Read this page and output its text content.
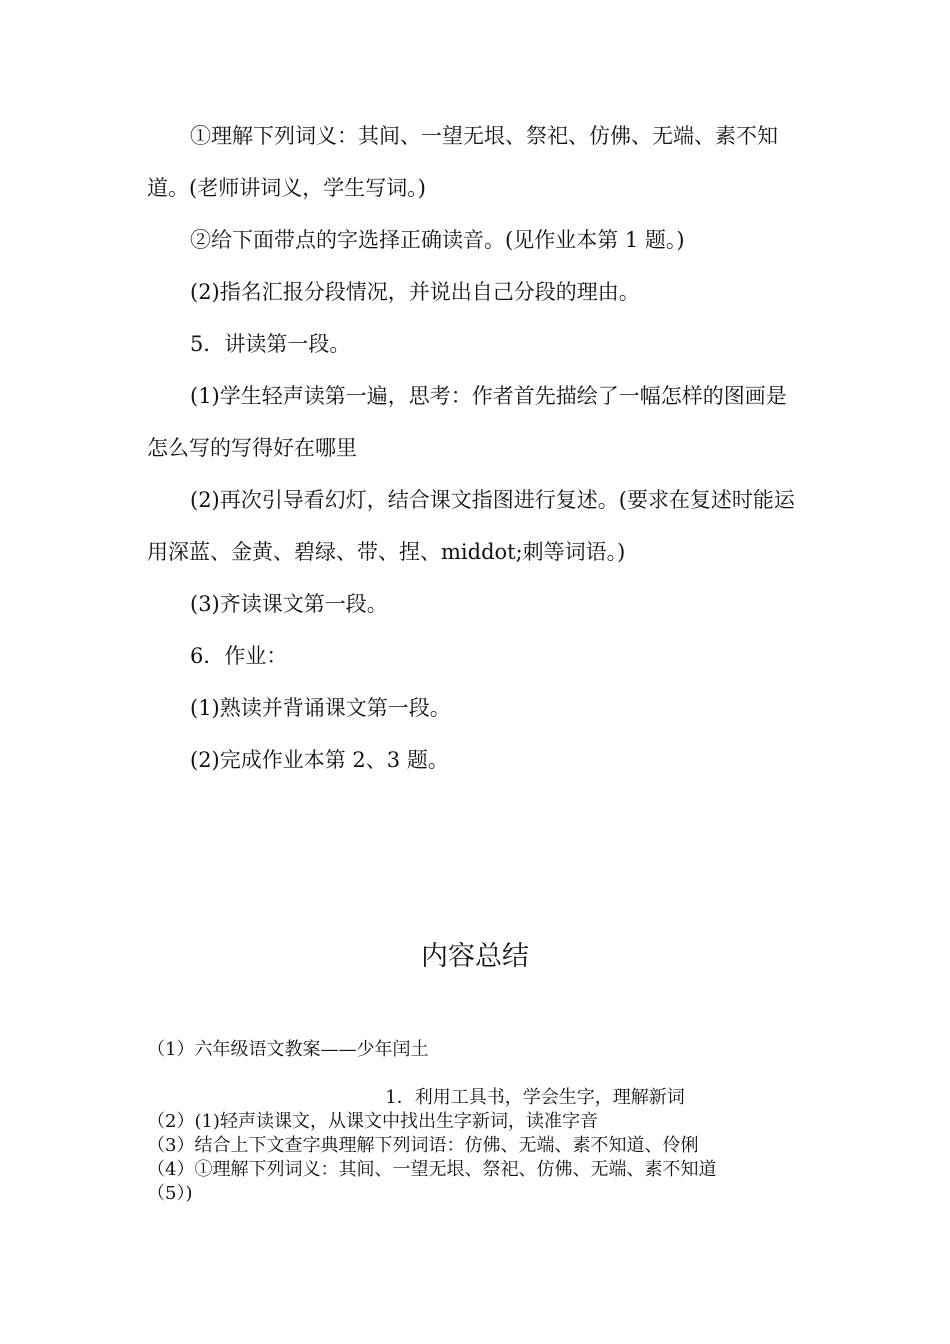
①理解下列词义：其间、一望无垠、祭祀、仿佛、无端、素不知道。(老师讲词义，学生写词。)

②给下面带点的字选择正确读音。(见作业本第 1 题。)

(2)指名汇报分段情况，并说出自己分段的理由。

5．讲读第一段。

(1)学生轻声读第一遍，思考：作者首先描绘了一幅怎样的图画是怎么写的写得好在哪里

(2)再次引导看幻灯，结合课文指图进行复述。(要求在复述时能运用深蓝、金黄、碧绿、带、捏、middot;刺等词语。)

(3)齐读课文第一段。

6．作业：

(1)熟读并背诵课文第一段。

(2)完成作业本第 2、3 题。

内容总结

（1）六年级语文教案——少年闰土

1．利用工具书，学会生字，理解新词

（2）(1)轻声读课文，从课文中找出生字新词，读准字音

（3）结合上下文查字典理解下列词语：仿佛、无端、素不知道、伶俐

（4）①理解下列词义：其间、一望无垠、祭祀、仿佛、无端、素不知道

（5）)
